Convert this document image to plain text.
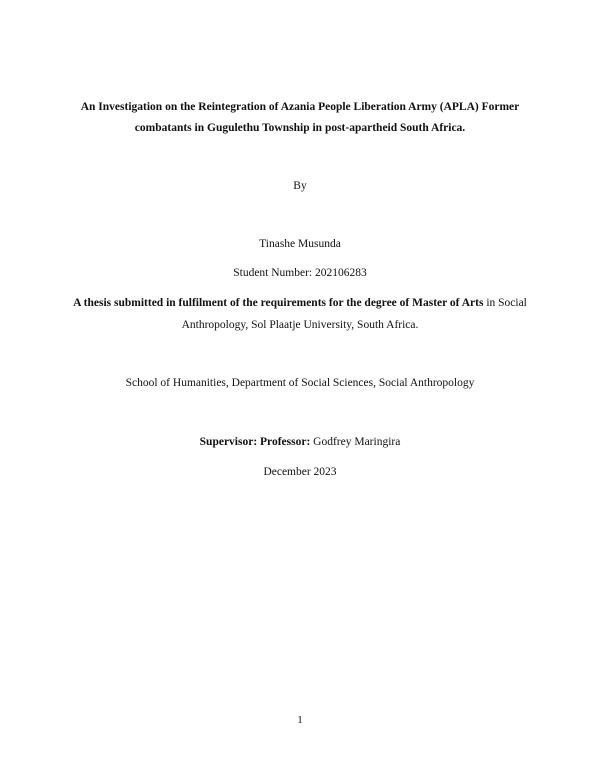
An Investigation on the Reintegration of Azania People Liberation Army (APLA) Former
combatants in Gugulethu Township in post-apartheid South Africa.
By
Tinashe Musunda
Student Number: 202106283
A thesis submitted in fulfilment of the requirements for the degree of Master of Arts in Social
Anthropology, Sol Plaatje University, South Africa.
School of Humanities, Department of Social Sciences, Social Anthropology
Supervisor: Professor: Godfrey Maringira
December 2023
1
